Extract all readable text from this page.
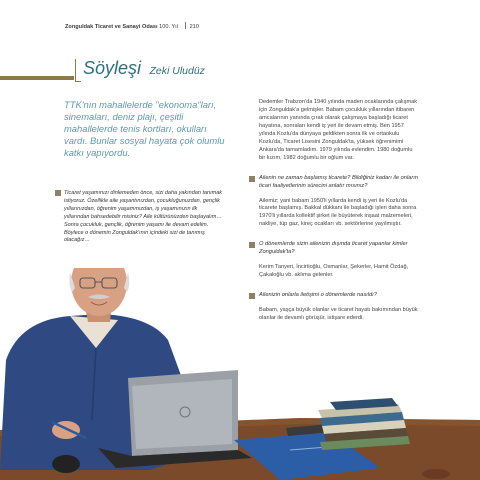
Zonguldak Ticaret ve Sanayi Odası 100. Yıl 210
Söyleşi Zeki Uludüz

TTK'nın mahallelerde "ekonoma"ları, sinemaları, deniz plajı, çeşitli mahallelerde tenis kortları, okulları vardı. Bunlar sosyal hayata çok olumlu katkı yapıyordu.

Ticaret yaşamınızı dinlemeden önce, sizi daha yakından tanımak istiyoruz. Özellikle aile yaşantınızdan, çocukluğunuzdan, gençlik yıllarınızdan, öğrenim yaşamınızdan, iş yaşamınızın ilk yıllarından bahsedebilir misiniz? Aile kültürünüzden başlayalım… Sonra çocukluk, gençlik, öğrenim yaşamı ile devam edelim. Böylece o dönemin Zonguldak'ının içindeki sizi de tanımış olacağız…

Dedemler Trabzon'da 1940 yılında maden ocaklarında çalışmak için Zonguldak'a gelmişler. Babam çocukluk yıllarından itibaren amcalarının yanında çırak olarak çalışmaya başladığı ticaret hayatına, sonraları kendi iş yeri ile devam etmiş. Ben 1957 yılında Kozlu'da dünyaya geldikten sonra ilk ve ortaokulu Kozlu'da, Ticaret Lisesini Zonguldak'ta, yüksek öğrenimimi Ankara'da tamamladım. 1979 yılında evlendim. 1980 doğumlu bir kızım, 1982 doğumlu bir oğlum var.

Ailenin ne zaman başlamış ticarete? Bildiğiniz kadarı ile onların ticari faaliyetlerinin sürecini anlatır mısınız?

Ailemiz; yani babam 1950'li yıllarda kendi iş yeri ile Kozlu'da ticarete başlamış. Bakkal dükkanı ile başladığı işleri daha sonra 1970'li yıllarda kollektif şirket ile büyüterek inşaat malzemeleri, nakliye, tüp gaz, kireç ocakları vb. sektörlerine yayılmıştır.

O dönemlerde sizin ailenizin dışında ticaret yapanlar kimler Zonguldak'ta?

Kerim Tanyeri, İncirtioğlu, Osmanlar, Şekerler, Hamit Özdağ, Çakaloğlu vb. aklıma gelenler.

Ailenizin onlarla iletişimi o dönemlerde nasıldı?

Babam, yaşça büyük olanlar ve ticaret hayatı bakımından büyük olanlar ile devamlı görüşür, istişare ederdi.
